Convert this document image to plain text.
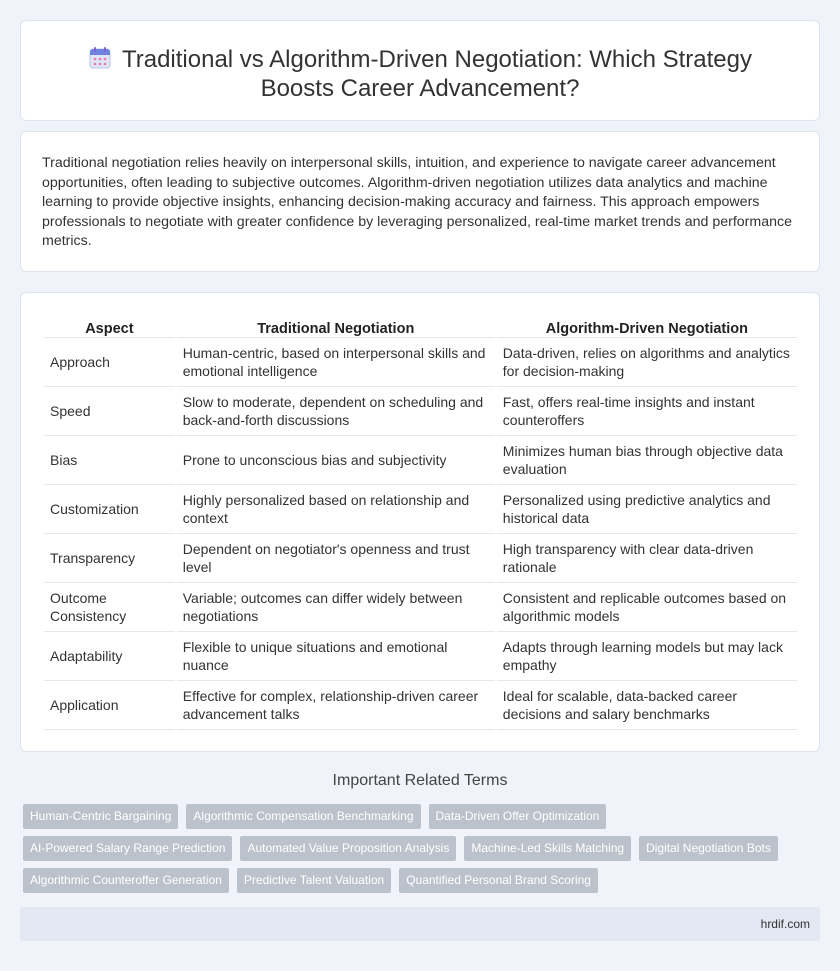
Traditional vs Algorithm-Driven Negotiation: Which Strategy
Boosts Career Advancement?

Traditional negotiation relies heavily on interpersonal skills, intuition, and experience to navigate career advancement opportunities, often leading to subjective outcomes. Algorithm-driven negotiation utilizes data analytics and machine learning to provide objective insights, enhancing decision-making accuracy and fairness. This approach empowers professionals to negotiate with greater confidence by leveraging personalized, real-time market trends and performance metrics.

Aspect	Traditional Negotiation	Algorithm-Driven Negotiation
Approach	Human-centric, based on interpersonal skills and emotional intelligence	Data-driven, relies on algorithms and analytics for decision-making
Speed	Slow to moderate, dependent on scheduling and back-and-forth discussions	Fast, offers real-time insights and instant counteroffers
Bias	Prone to unconscious bias and subjectivity	Minimizes human bias through objective data evaluation
Customization	Highly personalized based on relationship and context	Personalized using predictive analytics and historical data
Transparency	Dependent on negotiator's openness and trust level	High transparency with clear data-driven rationale
Outcome Consistency	Variable; outcomes can differ widely between negotiations	Consistent and replicable outcomes based on algorithmic models
Adaptability	Flexible to unique situations and emotional nuance	Adapts through learning models but may lack empathy
Application	Effective for complex, relationship-driven career advancement talks	Ideal for scalable, data-backed career decisions and salary benchmarks
Important Related Terms
Human-Centric Bargaining	Algorithmic Compensation Benchmarking	Data-Driven Offer Optimization
AI-Powered Salary Range Prediction	Automated Value Proposition Analysis	Machine-Led Skills Matching	Digital Negotiation Bots
Algorithmic Counteroffer Generation	Predictive Talent Valuation	Quantified Personal Brand Scoring
hrdif.com
